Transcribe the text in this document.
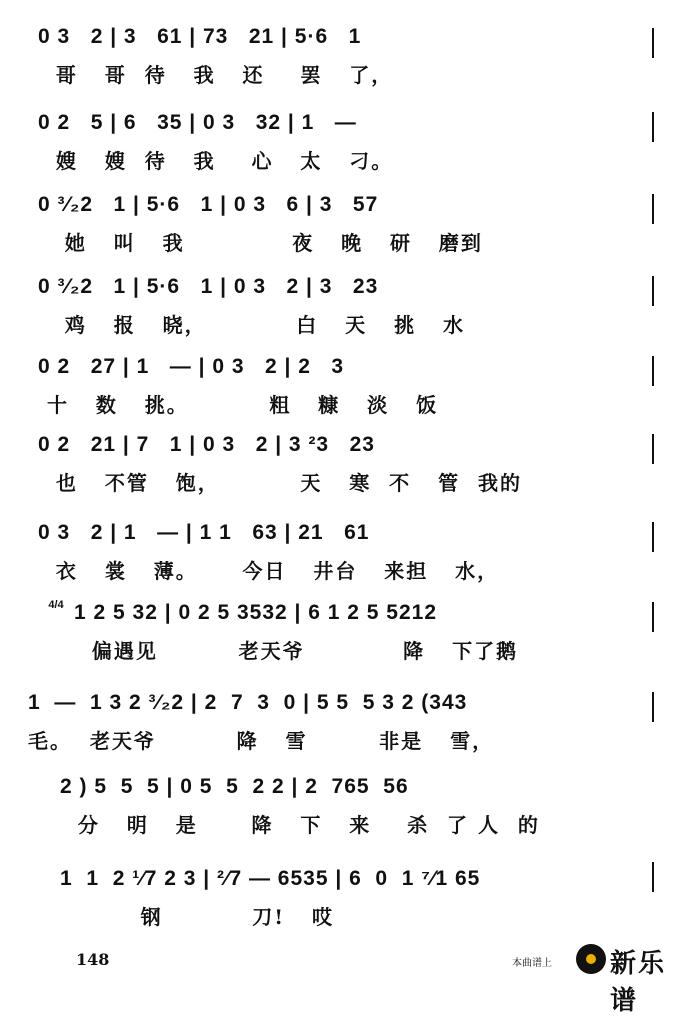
0 3   2 | 3   61 | 73   21 | 5·6   1
哥   哥  待   我   还    罢   了，
0 2   5 | 6   35 | 0 3   32 | 1   —
嫂   嫂  待   我    心   太   刁。
0 ³⁄₂2   1 | 5·6   1 | 0 3   6 | 3   57
她   叫   我            夜   晚   研   磨到
0 ³⁄₂2   1 | 5·6   1 | 0 3   2 | 3   23
鸡   报   晓，          白   天   挑   水
0 2   27 | 1   — | 0 3   2 | 2   3
十   数   挑。         粗   糠   淡   饭
0 2   21 | 7   1 | 0 3   2 | 3 ²3   23
也   不管   饱，         天   寒  不   管  我的
0 3   2 | 1   — | 1 1   63 | 21   61
衣   裳   薄。     今日   井台   来担   水，
4/4 1 2 5 32 | 0 2 5 3532 | 6 1 2 5 5212
偏遇见         老天爷           降   下了鹅
1  —  1 3 2 ³⁄₂2 | 2  7  3  0 | 5 5  5 3 2 (343
毛。  老天爷         降   雪        非是   雪，
2 ) 5  5  5 | 0 5  5  2 2 | 2  765  56
分   明   是      降   下   来    杀  了 人  的
1  1  2 ¹⁄7 2 3 | ²⁄7 — 6535 | 6  0  1 ⁷⁄1 65
钢          刀!   哎
148	本曲谱上 新乐谱
